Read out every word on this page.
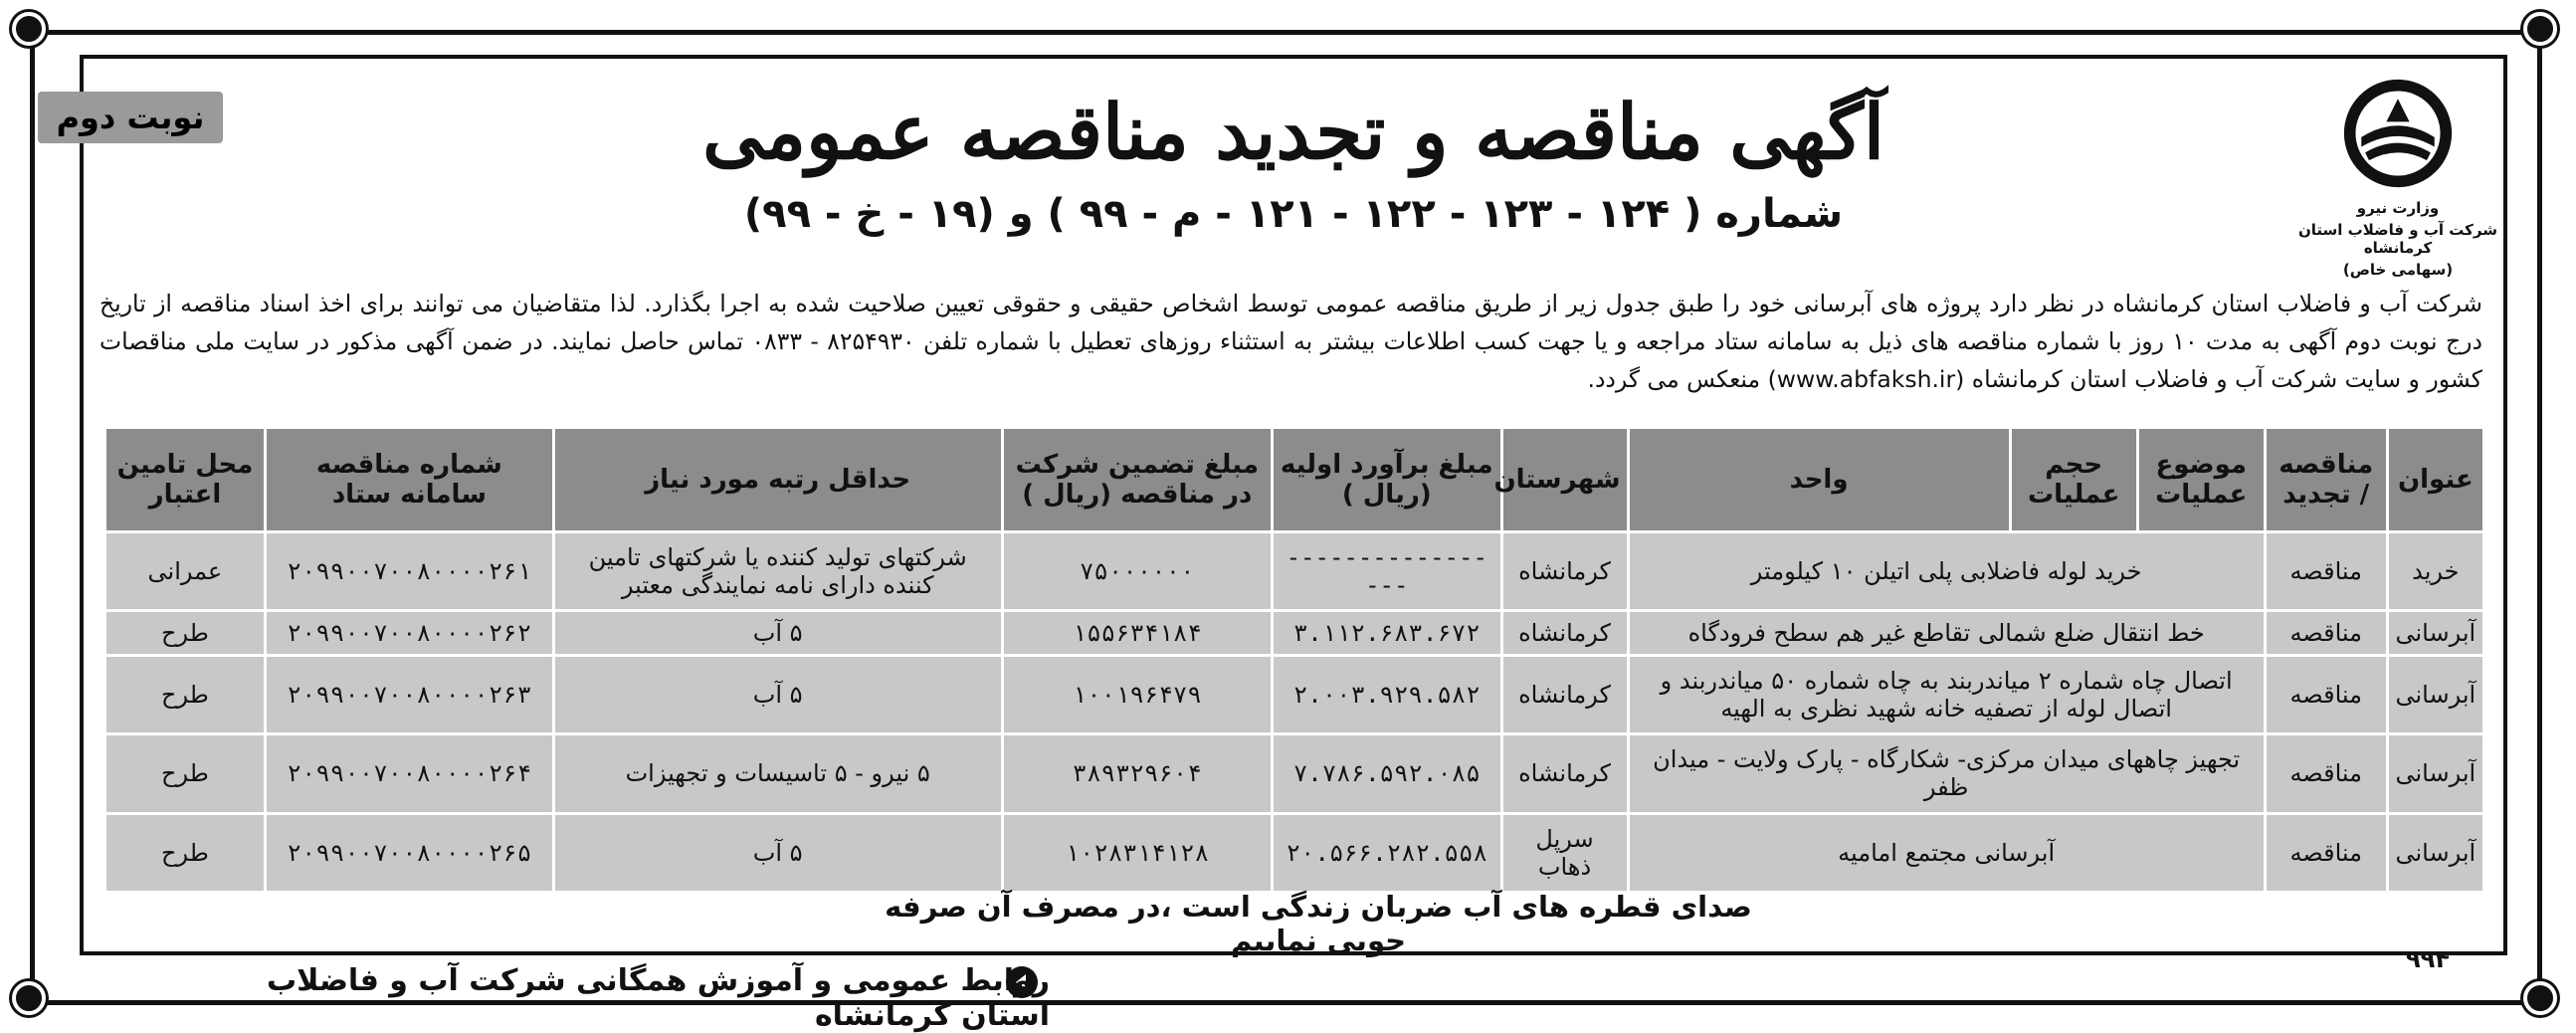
نوبت دوم
وزارت نیرو
شرکت آب و فاضلاب استان کرمانشاه
(سهامی خاص)
آگهی مناقصه و تجدید مناقصه عمومی
شماره ( ۱۲۴ - ۱۲۳ - ۱۲۲ - ۱۲۱ - م - ۹۹ ) و (۱۹ - خ - ۹۹)
شرکت آب و فاضلاب استان کرمانشاه در نظر دارد پروژه های آبرسانی خود را طبق جدول زیر از طریق مناقصه عمومی توسط اشخاص حقیقی و حقوقی تعیین صلاحیت شده به اجرا بگذارد. لذا متقاضیان می توانند برای اخذ اسناد مناقصه از تاریخ درج نوبت دوم آگهی به مدت ۱۰ روز با شماره مناقصه های ذیل به سامانه ستاد مراجعه و یا جهت کسب اطلاعات بیشتر به استثناء روزهای تعطیل با شماره تلفن ۸۲۵۴۹۳۰ - ۰۸۳۳ تماس حاصل نمایند. در ضمن آگهی مذکور در سایت ملی مناقصات کشور و سایت شرکت آب و فاضلاب استان کرمانشاه (www.abfaksh.ir) منعکس می گردد.
عنوان	مناقصه / تجدید	موضوع عملیات	حجم عملیات	واحد	شهرستان	مبلغ برآورد اولیه (ریال )	مبلغ تضمین شرکت در مناقصه (ریال )	حداقل رتبه مورد نیاز	شماره مناقصه سامانه ستاد	محل تامین اعتبار
خرید	مناقصه	خرید لوله فاضلابی پلی اتیلن ۱۰ کیلومتر			کرمانشاه	-----------------	۷۵۰۰۰۰۰۰	شرکتهای تولید کننده یا شرکتهای تامین کننده دارای نامه نمایندگی معتبر	۲۰۹۹۰۰۷۰۰۸۰۰۰۰۲۶۱	عمرانی
آبرسانی	مناقصه	خط انتقال ضلع شمالی تقاطع غیر هم سطح فرودگاه			کرمانشاه	۳.۱۱۲.۶۸۳.۶۷۲	۱۵۵۶۳۴۱۸۴	۵ آب	۲۰۹۹۰۰۷۰۰۸۰۰۰۰۲۶۲	طرح
آبرسانی	مناقصه	اتصال چاه شماره ۲ میاندربند به چاه شماره ۵۰ میاندربند و اتصال لوله از تصفیه خانه شهید نظری به الهیه			کرمانشاه	۲.۰۰۳.۹۲۹.۵۸۲	۱۰۰۱۹۶۴۷۹	۵ آب	۲۰۹۹۰۰۷۰۰۸۰۰۰۰۲۶۳	طرح
آبرسانی	مناقصه	تجهیز چاههای میدان مرکزی- شکارگاه - پارک ولایت - میدان ظفر			کرمانشاه	۷.۷۸۶.۵۹۲.۰۸۵	۳۸۹۳۲۹۶۰۴	۵ نیرو - ۵ تاسیسات و تجهیزات	۲۰۹۹۰۰۷۰۰۸۰۰۰۰۲۶۴	طرح
آبرسانی	مناقصه	آبرسانی مجتمع امامیه			سرپل ذهاب	۲۰.۵۶۶.۲۸۲.۵۵۸	۱۰۲۸۳۱۴۱۲۸	۵ آب	۲۰۹۹۰۰۷۰۰۸۰۰۰۰۲۶۵	طرح
صدای قطره های آب ضربان زندگی است ،در مصرف آن صرفه جویی نماییم
روابط عمومی و آموزش همگانی شرکت آب و فاضلاب استان کرمانشاه
۹۹۴
